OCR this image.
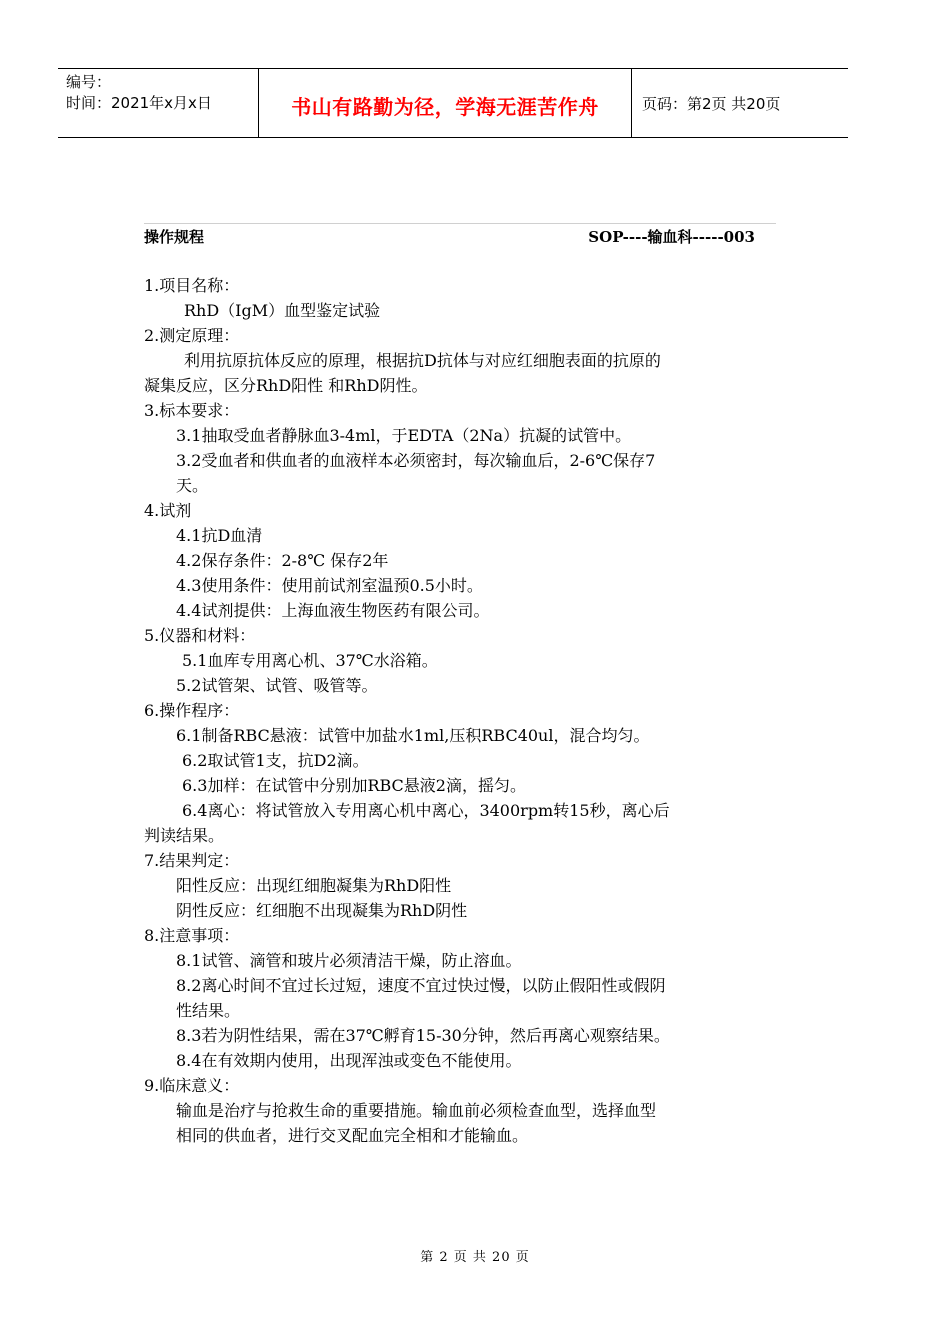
编号：
时间：2021年x月x日	书山有路勤为径，学海无涯苦作舟	页码：第2页 共20页
操作规程	SOP----输血科-----003
1.项目名称：
RhD（IgM）血型鉴定试验
2.测定原理：
利用抗原抗体反应的原理，根据抗D抗体与对应红细胞表面的抗原的
凝集反应，区分RhD阳性 和RhD阴性。
3.标本要求：
3.1抽取受血者静脉血3-4ml，于EDTA（2Na）抗凝的试管中。
3.2受血者和供血者的血液样本必须密封，每次输血后，2-6℃保存7
天。
4.试剂
4.1抗D血清
4.2保存条件：2-8℃ 保存2年
4.3使用条件：使用前试剂室温预0.5小时。
4.4试剂提供：上海血液生物医药有限公司。
5.仪器和材料：
5.1血库专用离心机、37℃水浴箱。
5.2试管架、试管、吸管等。
6.操作程序：
6.1制备RBC悬液：试管中加盐水1ml,压积RBC40ul，混合均匀。
6.2取试管1支，抗D2滴。
6.3加样：在试管中分别加RBC悬液2滴，摇匀。
6.4离心：将试管放入专用离心机中离心，3400rpm转15秒，离心后
判读结果。
7.结果判定：
阳性反应：出现红细胞凝集为RhD阳性
阴性反应：红细胞不出现凝集为RhD阴性
8.注意事项：
8.1试管、滴管和玻片必须清洁干燥，防止溶血。
8.2离心时间不宜过长过短，速度不宜过快过慢，以防止假阳性或假阴
性结果。
8.3若为阴性结果，需在37℃孵育15-30分钟，然后再离心观察结果。
8.4在有效期内使用，出现浑浊或变色不能使用。
9.临床意义：
输血是治疗与抢救生命的重要措施。输血前必须检查血型，选择血型
相同的供血者，进行交叉配血完全相和才能输血。
第 2 页 共 20 页
